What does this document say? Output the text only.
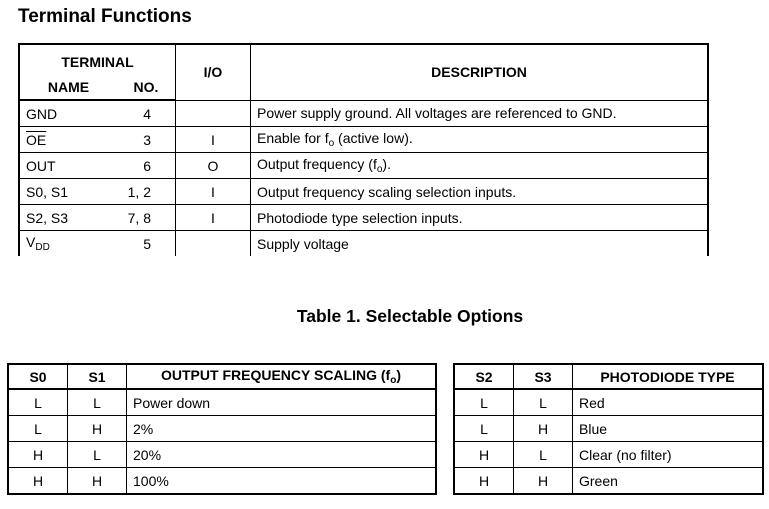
Terminal Functions
TERMINAL		I/O	DESCRIPTION
NAME	NO.		
GND	4		Power supply ground. All voltages are referenced to GND.
$\overline{OE}$	3	I	Enable for $f_o$ (active low).
OUT	6	O	Output frequency $(f_o)$.
S0, S1	1, 2	I	Output frequency scaling selection inputs.
S2, S3	7, 8	I	Photodiode type selection inputs.
$V_{DD}$	5		Supply voltage
Table 1. Selectable Options
S0	S1	OUTPUT FREQUENCY SCALING $(f_o)$
L	L	Power down
L	H	2%
H	L	20%
H	H	100%
S2	S3	PHOTODIODE TYPE
L	L	Red
L	H	Blue
H	L	Clear (no filter)
H	H	Green
